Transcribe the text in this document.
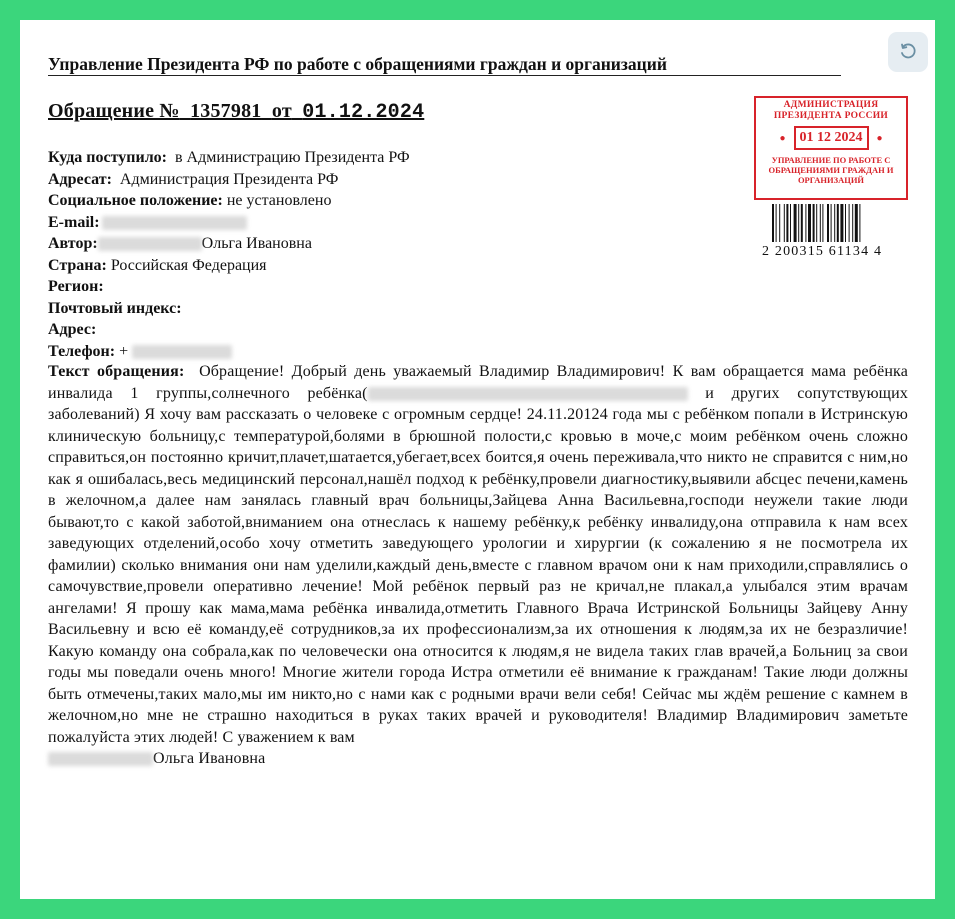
Управление Президента РФ по работе с обращениями граждан и организаций
Обращение № 1357981 от 01.12.2024	АДМИНИСТРАЦИЯ ПРЕЗИДЕНТА РОССИИ
●	01 12 2024	●
УПРАВЛЕНИЕ ПО РАБОТЕ С ОБРАЩЕНИЯМИ ГРАЖДАН И ОРГАНИЗАЦИЙ
2 200315 61134 4
Куда поступило: в Администрацию Президента РФ
Адресат: Администрация Президента РФ
Социальное положение: не установлено
E-mail:
Автор:	Ольга Ивановна
Страна: Российская Федерация
Регион:
Почтовый индекс:
Адрес:
Телефон: +
Текст обращения: Обращение! Добрый день уважаемый Владимир Владимирович! К вам обращается мама ребёнка инвалида 1 группы,солнечного ребёнка(	и других сопутствующих заболеваний) Я хочу вам рассказать о человеке с огромным сердце! 24.11.20124 года мы с ребёнком попали в Истринскую клиническую больницу,с температурой,болями в брюшной полости,с кровью в моче,с моим ребёнком очень сложно справиться,он постоянно кричит,плачет,шатается,убегает,всех боится,я очень переживала,что никто не справится с ним,но как я ошибалась,весь медицинский персонал,нашёл подход к ребёнку,провели диагностику,выявили абсцес печени,камень в желочном,а далее нам занялась главный врач больницы,Зайцева Анна Васильевна,господи неужели такие люди бывают,то с какой заботой,вниманием она отнеслась к нашему ребёнку,к ребёнку инвалиду,она отправила к нам всех заведующих отделений,особо хочу отметить заведующего урологии и хирургии (к сожалению я не посмотрела их фамилии) сколько внимания они нам уделили,каждый день,вместе с главном врачом они к нам приходили,справлялись о самочувствие,провели оперативно лечение! Мой ребёнок первый раз не кричал,не плакал,а улыбался этим врачам ангелами! Я прошу как мама,мама ребёнка инвалида,отметить Главного Врача Истринской Больницы Зайцеву Анну Васильевну и всю её команду,её сотрудников,за их профессионализм,за их отношения к людям,за их не безразличие! Какую команду она собрала,как по человечески она относится к людям,я не видела таких глав врачей,а Больниц за свои годы мы поведали очень много! Многие жители города Истра отметили её внимание к гражданам! Такие люди должны быть отмечены,таких мало,мы им никто,но с нами как с родными врачи вели себя! Сейчас мы ждём решение с камнем в желочном,но мне не страшно находиться в руках таких врачей и руководителя! Владимир Владимирович заметьте пожалуйста этих людей! С уважением к вам
Ольга Ивановна
